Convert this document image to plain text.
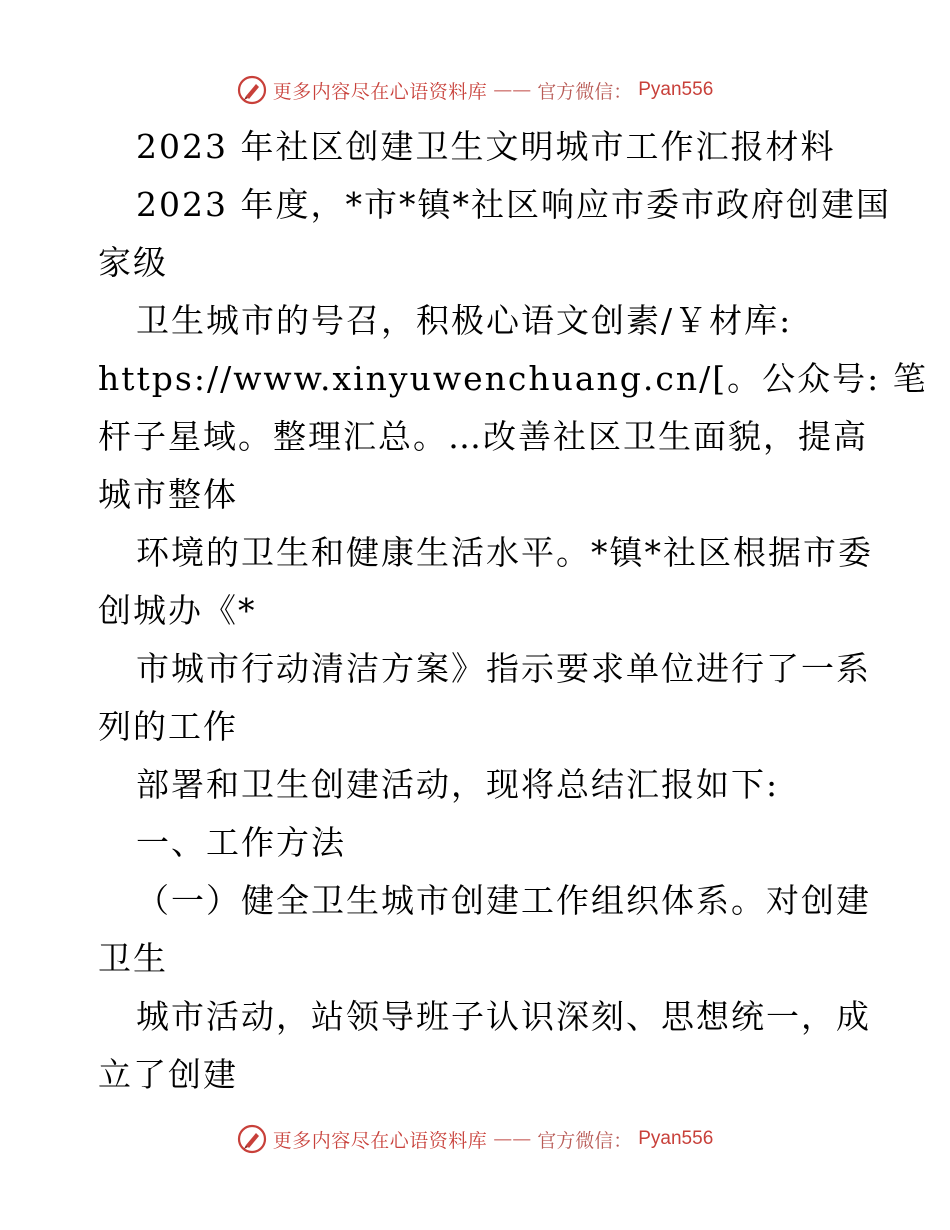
更多内容尽在心语资料库 —— 官方微信： Pyan556
2023 年社区创建卫生文明城市工作汇报材料
2023 年度，*市*镇*社区响应市委市政府创建国
家级
卫生城市的号召，积极心语文创素/￥材库:
https://www.xinyuwenchuang.cn/[。公众号: 笔
杆子星域。整理汇总。…改善社区卫生面貌，提高
城市整体
环境的卫生和健康生活水平。*镇*社区根据市委
创城办《*
市城市行动清洁方案》指示要求单位进行了一系
列的工作
部署和卫生创建活动，现将总结汇报如下:
一、工作方法
（一）健全卫生城市创建工作组织体系。对创建
卫生
城市活动，站领导班子认识深刻、思想统一，成
立了创建
更多内容尽在心语资料库 —— 官方微信： Pyan556
